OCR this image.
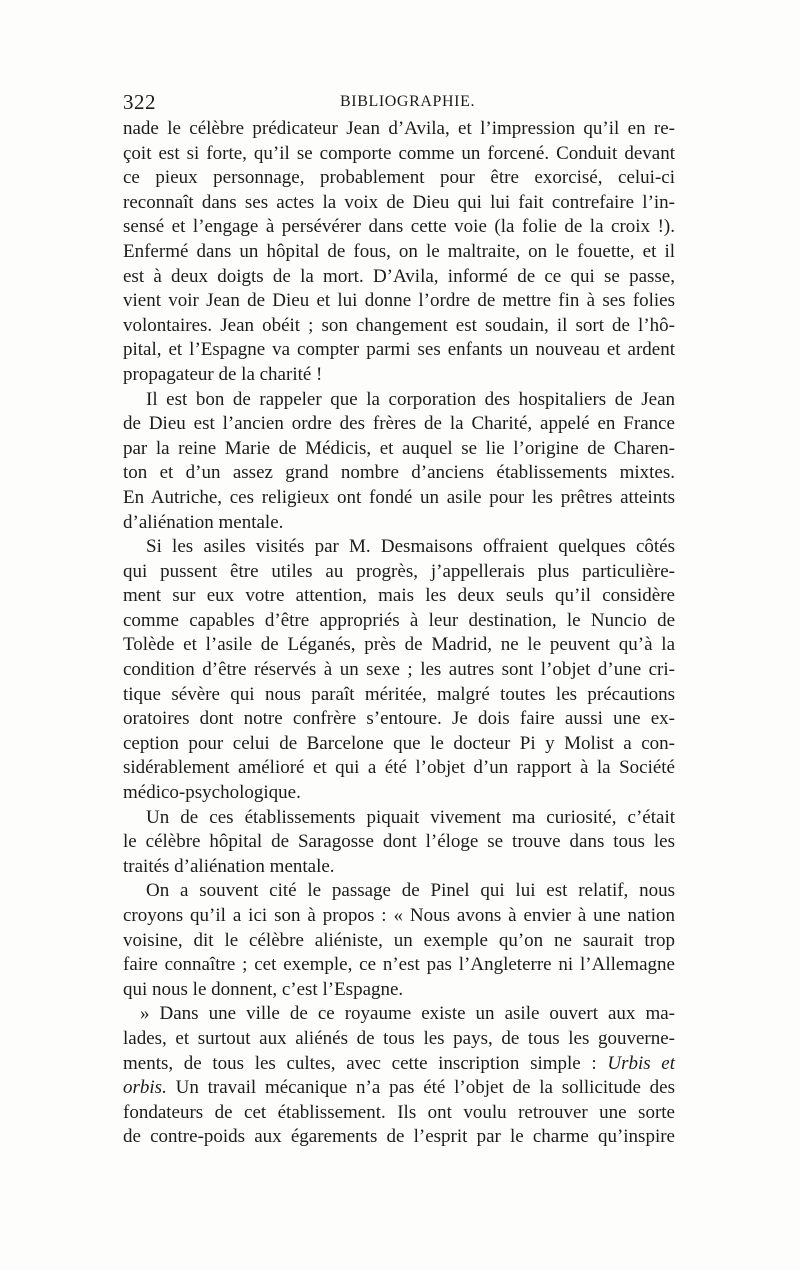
322	BIBLIOGRAPHIE.
nade le célèbre prédicateur Jean d’Avila, et l’impression qu’il en re-
çoit est si forte, qu’il se comporte comme un forcené. Conduit devant
ce pieux personnage, probablement pour être exorcisé, celui-ci
reconnaît dans ses actes la voix de Dieu qui lui fait contrefaire l’in-
sensé et l’engage à persévérer dans cette voie (la folie de la croix !).
Enfermé dans un hôpital de fous, on le maltraite, on le fouette, et il
est à deux doigts de la mort. D’Avila, informé de ce qui se passe,
vient voir Jean de Dieu et lui donne l’ordre de mettre fin à ses folies
volontaires. Jean obéit ; son changement est soudain, il sort de l’hô-
pital, et l’Espagne va compter parmi ses enfants un nouveau et ardent
propagateur de la charité !
Il est bon de rappeler que la corporation des hospitaliers de Jean
de Dieu est l’ancien ordre des frères de la Charité, appelé en France
par la reine Marie de Médicis, et auquel se lie l’origine de Charen-
ton et d’un assez grand nombre d’anciens établissements mixtes.
En Autriche, ces religieux ont fondé un asile pour les prêtres atteints
d’aliénation mentale.
Si les asiles visités par M. Desmaisons offraient quelques côtés
qui pussent être utiles au progrès, j’appellerais plus particulière-
ment sur eux votre attention, mais les deux seuls qu’il considère
comme capables d’être appropriés à leur destination, le Nuncio de
Tolède et l’asile de Léganés, près de Madrid, ne le peuvent qu’à la
condition d’être réservés à un sexe ; les autres sont l’objet d’une cri-
tique sévère qui nous paraît méritée, malgré toutes les précautions
oratoires dont notre confrère s’entoure. Je dois faire aussi une ex-
ception pour celui de Barcelone que le docteur Pi y Molist a con-
sidérablement amélioré et qui a été l’objet d’un rapport à la Société
médico-psychologique.
Un de ces établissements piquait vivement ma curiosité, c’était
le célèbre hôpital de Saragosse dont l’éloge se trouve dans tous les
traités d’aliénation mentale.
On a souvent cité le passage de Pinel qui lui est relatif, nous
croyons qu’il a ici son à propos : « Nous avons à envier à une nation
voisine, dit le célèbre aliéniste, un exemple qu’on ne saurait trop
faire connaître ; cet exemple, ce n’est pas l’Angleterre ni l’Allemagne
qui nous le donnent, c’est l’Espagne.
» Dans une ville de ce royaume existe un asile ouvert aux ma-
lades, et surtout aux aliénés de tous les pays, de tous les gouverne-
ments, de tous les cultes, avec cette inscription simple : Urbis et
orbis. Un travail mécanique n’a pas été l’objet de la sollicitude des
fondateurs de cet établissement. Ils ont voulu retrouver une sorte
de contre-poids aux égarements de l’esprit par le charme qu’inspire
